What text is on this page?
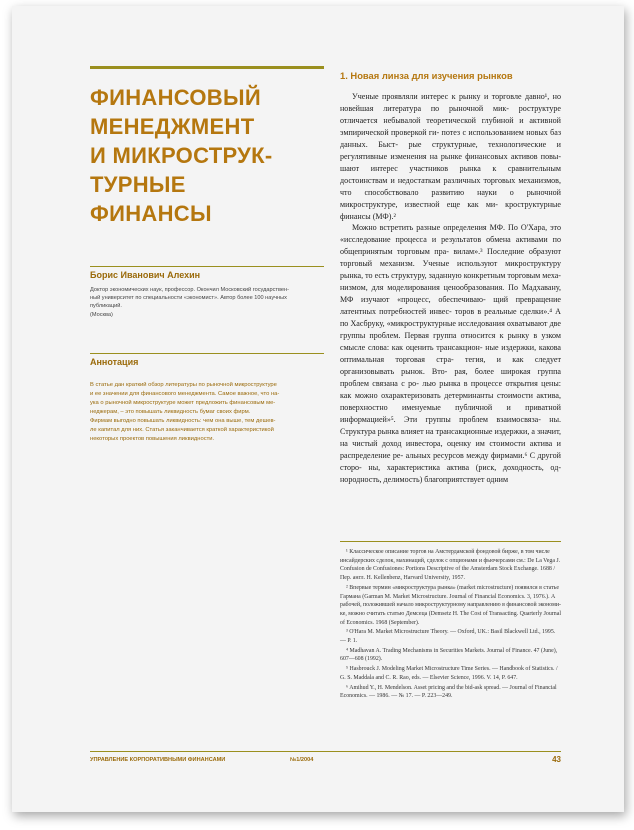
ФИНАНСОВЫЙ
МЕНЕДЖМЕНТ
И МИКРОСТРУК-
ТУРНЫЕ
ФИНАНСЫ
Борис Иванович Алехин
Доктор экономических наук, профессор. Окончил Московский государствен-
ный университет по специальности «экономист». Автор более 100 научных
публикаций.
(Москва)
Аннотация
В статье дан краткий обзор литературы по рыночной микроструктуре
и ее значении для финансового менеджмента. Самое важное, что на-
ука о рыночной микроструктуре может предложить финансовым ме-
неджерам, – это повышать ликвидность бумаг своих фирм.
Фирмам выгодно повышать ликвидность: чем она выше, тем дешев-
ле капитал для них. Статья заканчивается краткой характеристикой
некоторых проектов повышения ликвидности.
1. Новая линза для изучения рынков

Ученые проявляли интерес к рынку и торговле давно¹, но новейшая литература по рыночной мик- роструктуре отличается небывалой теоретической глубиной и активной эмпирической проверкой ги- потез с использованием новых баз данных. Быст- рые структурные, технологические и регулятивные изменения на рынке финансовых активов повы- шают интерес участников рынка к сравнительным достоинствам и недостаткам различных торговых механизмов, что способствовало развитию науки о рыночной микроструктуре, известной еще как ми- кроструктурные финансы (МФ).²

Можно встретить разные определения МФ. По О'Хара, это «исследование процесса и результатов обмена активами по общепринятым торговым пра- вилам».³ Последние образуют торговый механизм. Ученые используют микроструктуру рынка, то есть структуру, заданную конкретным торговым меха- низмом, для моделирования ценообразования. По Мадхавану, МФ изучают «процесс, обеспечиваю- щий превращение латентных потребностей инвес- торов в реальные сделки».⁴ А по Хасбруку, «микроструктурные исследования охватывают две группы проблем. Первая группа относится к рынку в узком смысле слова: как оценить трансакцион- ные издержки, какова оптимальная торговая стра- тегия, и как следует организовывать рынок. Вто- рая, более широкая группа проблем связана с ро- лью рынка в процессе открытия цены: как можно охарактеризовать детерминанты стоимости актива, поверхностно именуемые публичной и приватной информацией»⁵. Эти группы проблем взаимосвяза- ны. Структура рынка влияет на трансакционные издержки, а значит, на чистый доход инвестора, оценку им стоимости актива и распределение ре- альных ресурсов между фирмами.⁶ С другой сторо- ны, характеристика актива (риск, доходность, од- нородность, делимость) благоприятствует одним

¹ Классическое описание торгов на Амстердамской фондовой бирже, в том числе инсайдерских сделок, махинаций, сделок с опционами и фьючерсами см.: De La Vega J. Confusion de Confusiones: Portions Descriptive of the Amsterdam Stock Exchange. 1688 / Пер. англ. H. Kellenbenz, Harvard University, 1957.

² Впервые термин «микроструктура рынка» (market microstructure) появился в статье Гармана (Garman M. Market Microstructure. Journal of Financial Economics. 3, 1976.). А рабочей, положившей начало микроструктурному направлению в финансовой экономи- ке, можно считать статью Демсеца (Demsetz H. The Cost of Transacting. Quarterly Journal of Economics. 1968 (September).

³ O'Hara M. Market Microstructure Theory. — Oxford, UK.: Basil Blackwell Ltd., 1995. — P. 1.

⁴ Madhavan A. Trading Mechanisms in Securities Markets. Journal of Finance. 47 (June), 607—608 (1992).

⁵ Hasbrouck J. Modeling Market Microstructure Time Series. — Handbook of Statistics. / G. S. Maddala and C. R. Rao, eds. — Elsevier Science, 1996. V. 14, P. 647.

⁶ Amihud Y., H. Mendelson. Asset pricing and the bid-ask spread. — Journal of Financial Economics. — 1986. — № 17. — P. 223—249.

УПРАВЛЕНИЕ КОРПОРАТИВНЫМИ ФИНАНСАМИ	№1/2004	43
